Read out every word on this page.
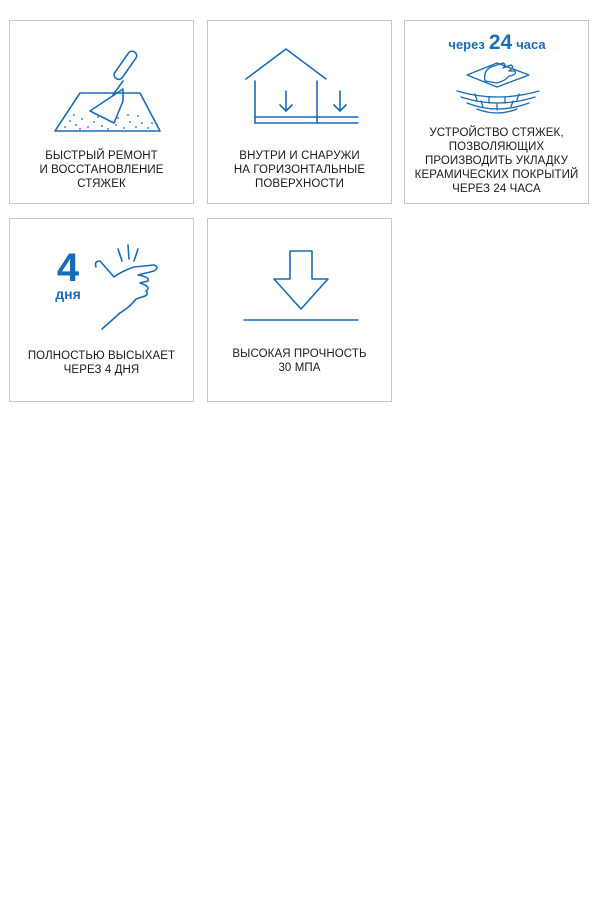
БЫСТРЫЙ РЕМОНТ
И ВОССТАНОВЛЕНИЕ
СТЯЖЕК
ВНУТРИ И СНАРУЖИ
НА ГОРИЗОНТАЛЬНЫЕ
ПОВЕРХНОСТИ
через 24 часа
УСТРОЙСТВО СТЯЖЕК,
ПОЗВОЛЯЮЩИХ
ПРОИЗВОДИТЬ УКЛАДКУ
КЕРАМИЧЕСКИХ ПОКРЫТИЙ
ЧЕРЕЗ 24 ЧАСА
4
дня
ПОЛНОСТЬЮ ВЫСЫХАЕТ
ЧЕРЕЗ 4 ДНЯ
ВЫСОКАЯ ПРОЧНОСТЬ
30 МПА
